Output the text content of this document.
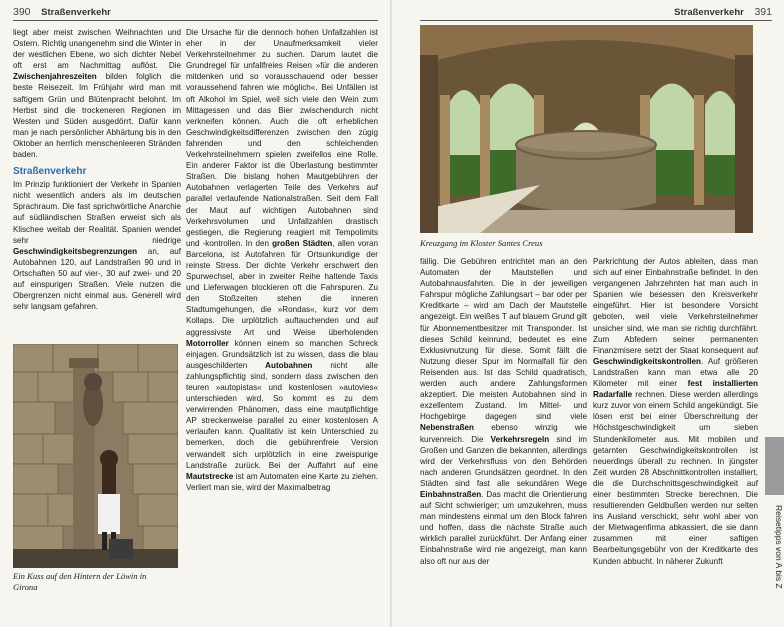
390 Straßenverkehr

liegt aber meist zwischen Weihnachten und Ostern. Richtig unangenehm sind die Winter in der westlichen Ebene, wo sich dichter Nebel oft erst am Nachmittag auflöst. Die Zwischenjahreszeiten bilden folglich die beste Reisezeit. Im Frühjahr wird man mit saftigem Grün und Blütenpracht belohnt. Im Herbst sind die trockeneren Regionen im Westen und Süden ausgedörrt. Dafür kann man je nach persönlicher Abhärtung bis in den Oktober an herrlich menschenleeren Stränden baden.

Straßenverkehr

Im Prinzip funktioniert der Verkehr in Spanien nicht wesentlich anders als im deutschen Sprachraum. Die fast sprichwörtliche Anarchie auf südländischen Straßen erweist sich als Klischee weitab der Realität. Spanien wendet sehr niedrige Geschwindigkeitsbegrenzungen an, auf Autobahnen 120, auf Landstraßen 90 und in Ortschaften 50 auf vier-, 30 auf zwei- und 20 auf einspurigen Straßen. Viele nutzen die Obergrenzen nicht einmal aus. Generell wird sehr langsam gefahren.

Ein Kuss auf den Hintern der Löwin in Girona

Die Ursache für die dennoch hohen Unfallzahlen ist eher in der Unaufmerksamkeit vieler Verkehrsteilnehmer zu suchen. Darum lautet die Grundregel für unfallfreies Reisen »für die anderen mitdenken und so vorausschauend oder besser voraussehend fahren wie möglich«. Bei Unfällen ist oft Alkohol im Spiel, weil sich viele den Wein zum Mittagessen und das Bier zwischendurch nicht verkneifen können. Auch die oft erheblichen Geschwindigkeitsdifferenzen zwischen den zügig fahrenden und den schleichenden Verkehrsteilnehmern spielen zweifellos eine Rolle. Ein anderer Faktor ist die Überlastung bestimmter Straßen. Die bislang hohen Mautgebühren der Autobahnen verlagerten Teile des Verkehrs auf parallel verlaufende Nationalstraßen. Seit dem Fall der Maut auf wichtigen Autobahnen sind Verkehrsvolumen und Unfallzahlen drastisch gestiegen, die Regierung reagiert mit Tempolimits und -kontrollen. In den großen Städten, allen voran Barcelona, ist Autofahren für Ortsunkundige der reinste Stress. Der dichte Verkehr erschwert den Spurwechsel, aber in zweiter Reihe haltende Taxis und Lieferwagen blockieren oft die Fahrspuren. Zu den Stoßzeiten stehen die inneren Stadtumgehungen, die »Rondas«, kurz vor dem Kollaps. Die urplötzlich auftauchenden und auf aggressivste Art und Weise überholenden Motorroller können einem so manchen Schreck einjagen. Grundsätzlich ist zu wissen, dass die blau ausgeschilderten Autobahnen nicht alle zahlungspflichtig sind, sondern dass zwischen den teuren »autopistas« und kostenlosen »autovies« unterschieden wird. So kommt es zu dem verwirrenden Phänomen, dass eine mautpflichtige AP streckenweise parallel zu einer kostenlosen A verlaufen kann. Qualitativ ist kein Unterschied zu bemerken, doch die gebührenfreie Version verwandelt sich urplötzlich in eine zweispurige Landstraße zurück. Bei der Auffahrt auf eine Mautstrecke ist am Automaten eine Karte zu ziehen. Verliert man sie, wird der Maximalbetrag

Straßenverkehr 391
Kreuzgang im Kloster Santes Creus

fällig. Die Gebühren entrichtet man an den Automaten der Mautstellen und Autobahnausfahrten. Die in der jeweiligen Fahrspur mögliche Zahlungsart – bar oder per Kreditkarte – wird am Dach der Mautstelle angezeigt. Ein weißes T auf blauem Grund gilt für Abonnementbesitzer mit Transponder. Ist dieses Schild keinrund, bedeutet es eine Exklusivnutzung für diese. Somit fällt die Nutzung dieser Spur im Normalfall für den Reisenden aus. Ist das Schild quadratisch, werden auch andere Zahlungsformen akzeptiert. Die meisten Autobahnen sind in exzellentem Zustand. Im Mittel- und Hochgebirge dagegen sind viele Nebenstraßen ebenso winzig wie kurvenreich. Die Verkehrsregeln sind im Großen und Ganzen die bekannten, allerdings wird der Verkehrsfluss von den Behörden nach anderen Grundsätzen geordnet. In den Städten sind fast alle sekundären Wege Einbahnstraßen. Das macht die Orientierung auf Sicht schwieriger; um umzukehren, muss man mindestens einmal um den Block fahren und hoffen, dass die nächste Straße auch wirklich parallel zurückführt. Der Anfang einer Einbahnstraße wird nie angezeigt, man kann also oft nur aus der

Parkrichtung der Autos ableiten, dass man sich auf einer Einbahnstraße befindet. In den vergangenen Jahrzehnten hat man auch in Spanien wie besessen den Kreisverkehr eingeführt. Hier ist besondere Vorsicht geboten, weil viele Verkehrsteilnehmer unsicher sind, wie man sie richtig durchfährt. Zum Abfedern seiner permanenten Finanzmisere setzt der Staat konsequent auf Geschwindigkeitskontrollen. Auf größeren Landstraßen kann man etwa alle 20 Kilometer mit einer fest installierten Radarfalle rechnen. Diese werden allerdings kurz zuvor von einem Schild angekündigt. Sie lösen erst bei einer Überschreitung der Höchstgeschwindigkeit um sieben Stundenkilometer aus. Mit mobilen und getarnten Geschwindigkeitskontrollen ist neuerdings überall zu rechnen. In jüngster Zeit wurden 28 Abschnittkontrollen installiert, die die Durchschnittsgeschwindigkeit auf einer bestimmten Strecke berechnen. Die resultierenden Geldbußen werden nur selten ins Ausland verschickt, sehr wohl aber von der Mietwagenfirma abkassiert, die sie dann zusammen mit einer saftigen Bearbeitungsgebühr von der Kreditkarte des Kunden abbucht. In näherer Zukunft	Reisetipps von A bis Z
